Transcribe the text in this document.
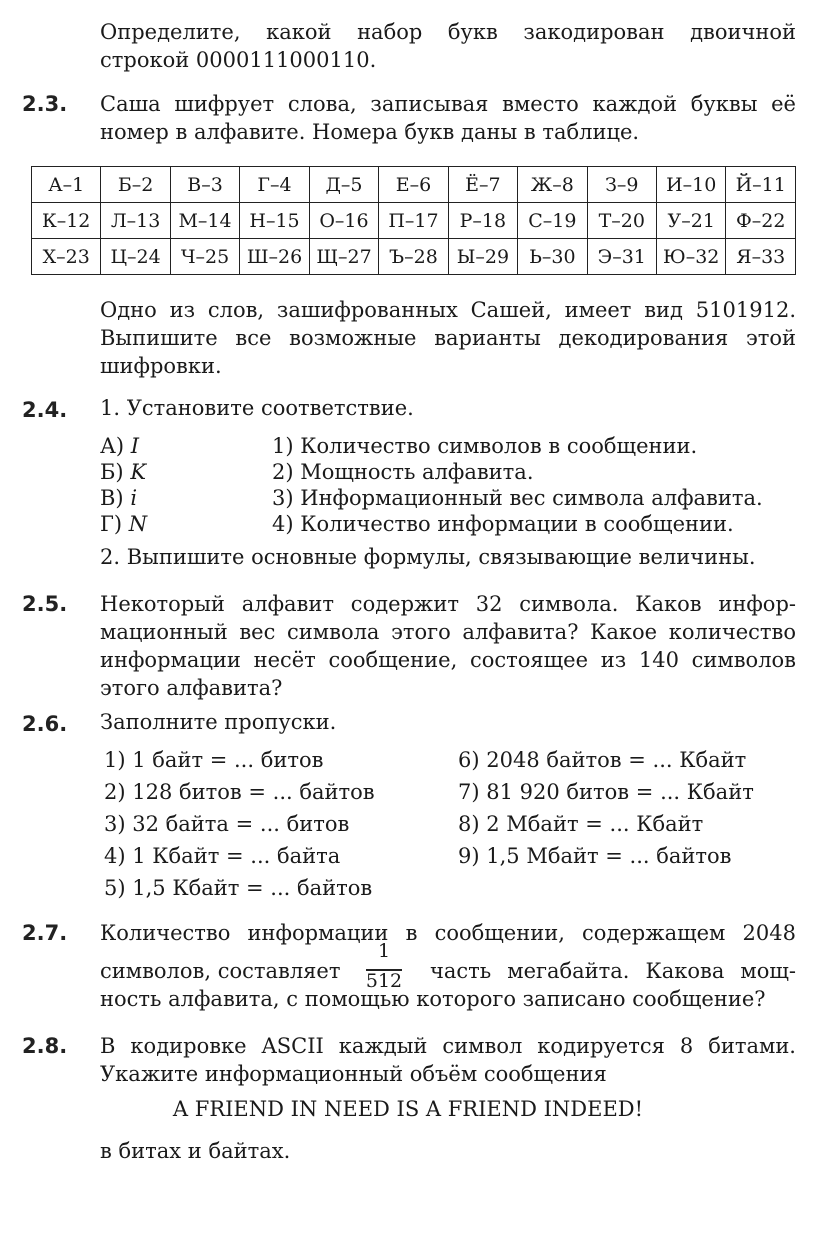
Определите, какой набор букв закодирован двоичной
строкой 0000111000110.
2.3. Саша шифрует слова, записывая вместо каждой буквы её
номер в алфавите. Номера букв даны в таблице.
А–1	Б–2	В–3	Г–4	Д–5	Е–6	Ё–7	Ж–8	З–9	И–10	Й–11
К–12	Л–13	М–14	Н–15	О–16	П–17	Р–18	С–19	Т–20	У–21	Ф–22
Х–23	Ц–24	Ч–25	Ш–26	Щ–27	Ъ–28	Ы–29	Ь–30	Э–31	Ю–32	Я–33
Одно из слов, зашифрованных Сашей, имеет вид 5101912.
Выпишите все возможные варианты декодирования этой
шифровки.
2.4. 1. Установите соответствие.
А) I
Б) K
В) i
Г) N
1) Количество символов в сообщении.
2) Мощность алфавита.
3) Информационный вес символа алфавита.
4) Количество информации в сообщении.
2. Выпишите основные формулы, связывающие величины.
2.5. Некоторый алфавит содержит 32 символа. Каков инфор-
мационный вес символа этого алфавита? Какое количество
информации несёт сообщение, состоящее из 140 символов
этого алфавита?
2.6. Заполните пропуски.
1) 1 байт = ... битов
2) 128 битов = ... байтов
3) 32 байта = ... битов
4) 1 Кбайт = ... байта
5) 1,5 Кбайт = ... байтов
6) 2048 байтов = ... Кбайт
7) 81 920 битов = ... Кбайт
8) 2 Мбайт = ... Кбайт
9) 1,5 Мбайт = ... байтов
2.7. Количество информации в сообщении, содержащем 2048
символов, составляет
1
512 часть мегабайта. Какова мощ-
ность алфавита, с помощью которого записано сообщение?
2.8. В кодировке ASCII каждый символ кодируется 8 битами.
Укажите информационный объём сообщения
A FRIEND IN NEED IS A FRIEND INDEED!
в битах и байтах.
